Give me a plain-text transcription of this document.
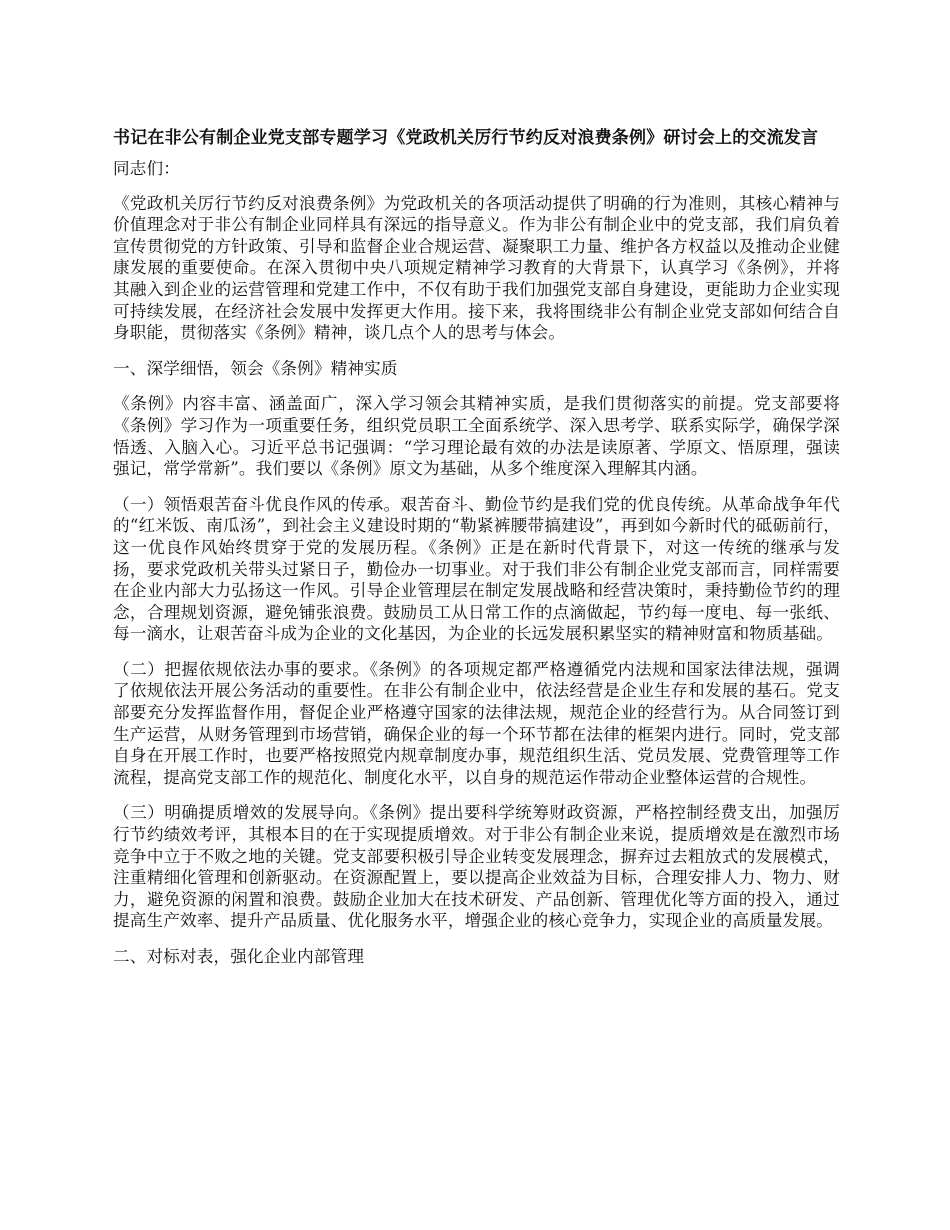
书记在非公有制企业党支部专题学习《党政机关厉行节约反对浪费条例》研讨会上的交流发言

同志们：

《党政机关厉行节约反对浪费条例》为党政机关的各项活动提供了明确的行为准则，其核心精神与价值理念对于非公有制企业同样具有深远的指导意义。作为非公有制企业中的党支部，我们肩负着宣传贯彻党的方针政策、引导和监督企业合规运营、凝聚职工力量、维护各方权益以及推动企业健康发展的重要使命。在深入贯彻中央八项规定精神学习教育的大背景下，认真学习《条例》，并将其融入到企业的运营管理和党建工作中，不仅有助于我们加强党支部自身建设，更能助力企业实现可持续发展，在经济社会发展中发挥更大作用。接下来，我将围绕非公有制企业党支部如何结合自身职能，贯彻落实《条例》精神，谈几点个人的思考与体会。

一、深学细悟，领会《条例》精神实质

《条例》内容丰富、涵盖面广，深入学习领会其精神实质，是我们贯彻落实的前提。党支部要将《条例》学习作为一项重要任务，组织党员职工全面系统学、深入思考学、联系实际学，确保学深悟透、入脑入心。习近平总书记强调：“学习理论最有效的办法是读原著、学原文、悟原理，强读强记，常学常新”。我们要以《条例》原文为基础，从多个维度深入理解其内涵。

（一）领悟艰苦奋斗优良作风的传承。艰苦奋斗、勤俭节约是我们党的优良传统。从革命战争年代的“红米饭、南瓜汤”，到社会主义建设时期的“勒紧裤腰带搞建设”，再到如今新时代的砥砺前行，这一优良作风始终贯穿于党的发展历程。《条例》正是在新时代背景下，对这一传统的继承与发扬，要求党政机关带头过紧日子，勤俭办一切事业。对于我们非公有制企业党支部而言，同样需要在企业内部大力弘扬这一作风。引导企业管理层在制定发展战略和经营决策时，秉持勤俭节约的理念，合理规划资源，避免铺张浪费。鼓励员工从日常工作的点滴做起，节约每一度电、每一张纸、每一滴水，让艰苦奋斗成为企业的文化基因，为企业的长远发展积累坚实的精神财富和物质基础。

（二）把握依规依法办事的要求。《条例》的各项规定都严格遵循党内法规和国家法律法规，强调了依规依法开展公务活动的重要性。在非公有制企业中，依法经营是企业生存和发展的基石。党支部要充分发挥监督作用，督促企业严格遵守国家的法律法规，规范企业的经营行为。从合同签订到生产运营，从财务管理到市场营销，确保企业的每一个环节都在法律的框架内进行。同时，党支部自身在开展工作时，也要严格按照党内规章制度办事，规范组织生活、党员发展、党费管理等工作流程，提高党支部工作的规范化、制度化水平，以自身的规范运作带动企业整体运营的合规性。

（三）明确提质增效的发展导向。《条例》提出要科学统筹财政资源，严格控制经费支出，加强厉行节约绩效考评，其根本目的在于实现提质增效。对于非公有制企业来说，提质增效是在激烈市场竞争中立于不败之地的关键。党支部要积极引导企业转变发展理念，摒弃过去粗放式的发展模式，注重精细化管理和创新驱动。在资源配置上，要以提高企业效益为目标，合理安排人力、物力、财力，避免资源的闲置和浪费。鼓励企业加大在技术研发、产品创新、管理优化等方面的投入，通过提高生产效率、提升产品质量、优化服务水平，增强企业的核心竞争力，实现企业的高质量发展。

二、对标对表，强化企业内部管理
